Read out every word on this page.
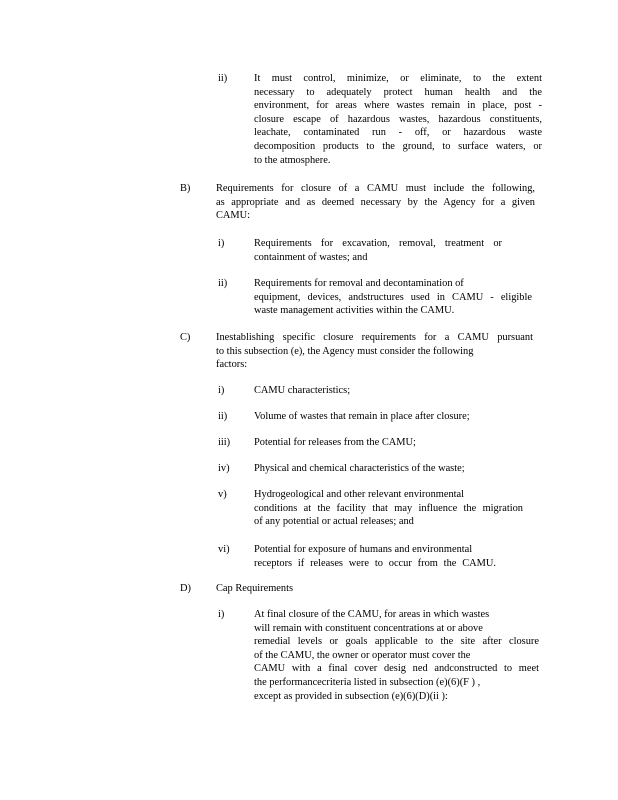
ii)	It must control, minimize, or eliminate, to the extent
necessary to adequately protect human health and the
environment, for areas where wastes remain in place, post -
closure escape of hazardous wastes, hazardous constituents,
leachate, contaminated run - off, or hazardous waste
decomposition products to the ground, to surface waters, or
to the atmosphere.
B) Requirements for closure of a CAMU must include the following,
as appropriate and as deemed necessary by the Agency for a given
CAMU:
i)	Requirements for excavation, removal, treatment or
containment of wastes; and
ii)	Requirements for removal and decontamination of
equipment, devices, andstructures used in CAMU - eligible
waste management activities within the CAMU.
C) Inestablishing specific closure requirements for a CAMU pursuant
to this subsection (e), the Agency must consider the following
factors:
i)	CAMU characteristics;
ii)	Volume of wastes that remain in place after closure;
iii) Potential for releases from the CAMU;
iv) Physical and chemical characteristics of the waste;
v)	Hydrogeological and other relevant environmental
conditions at the facility that may influence the migration
of any potential or actual releases; and
vi) Potential for exposure of humans and environmental
receptors if releases were to occur from the CAMU.
D) Cap Requirements
i)	At final closure of the CAMU, for areas in which wastes
will remain with constituent concentrations at or above
remedial levels or goals applicable to the site after closure
of the CAMU, the owner or operator must cover the
CAMU with a final cover desig ned andconstructed to meet
the performancecriteria listed in subsection (e)(6)(F ) ,
except as provided in subsection (e)(6)(D)(ii ):
